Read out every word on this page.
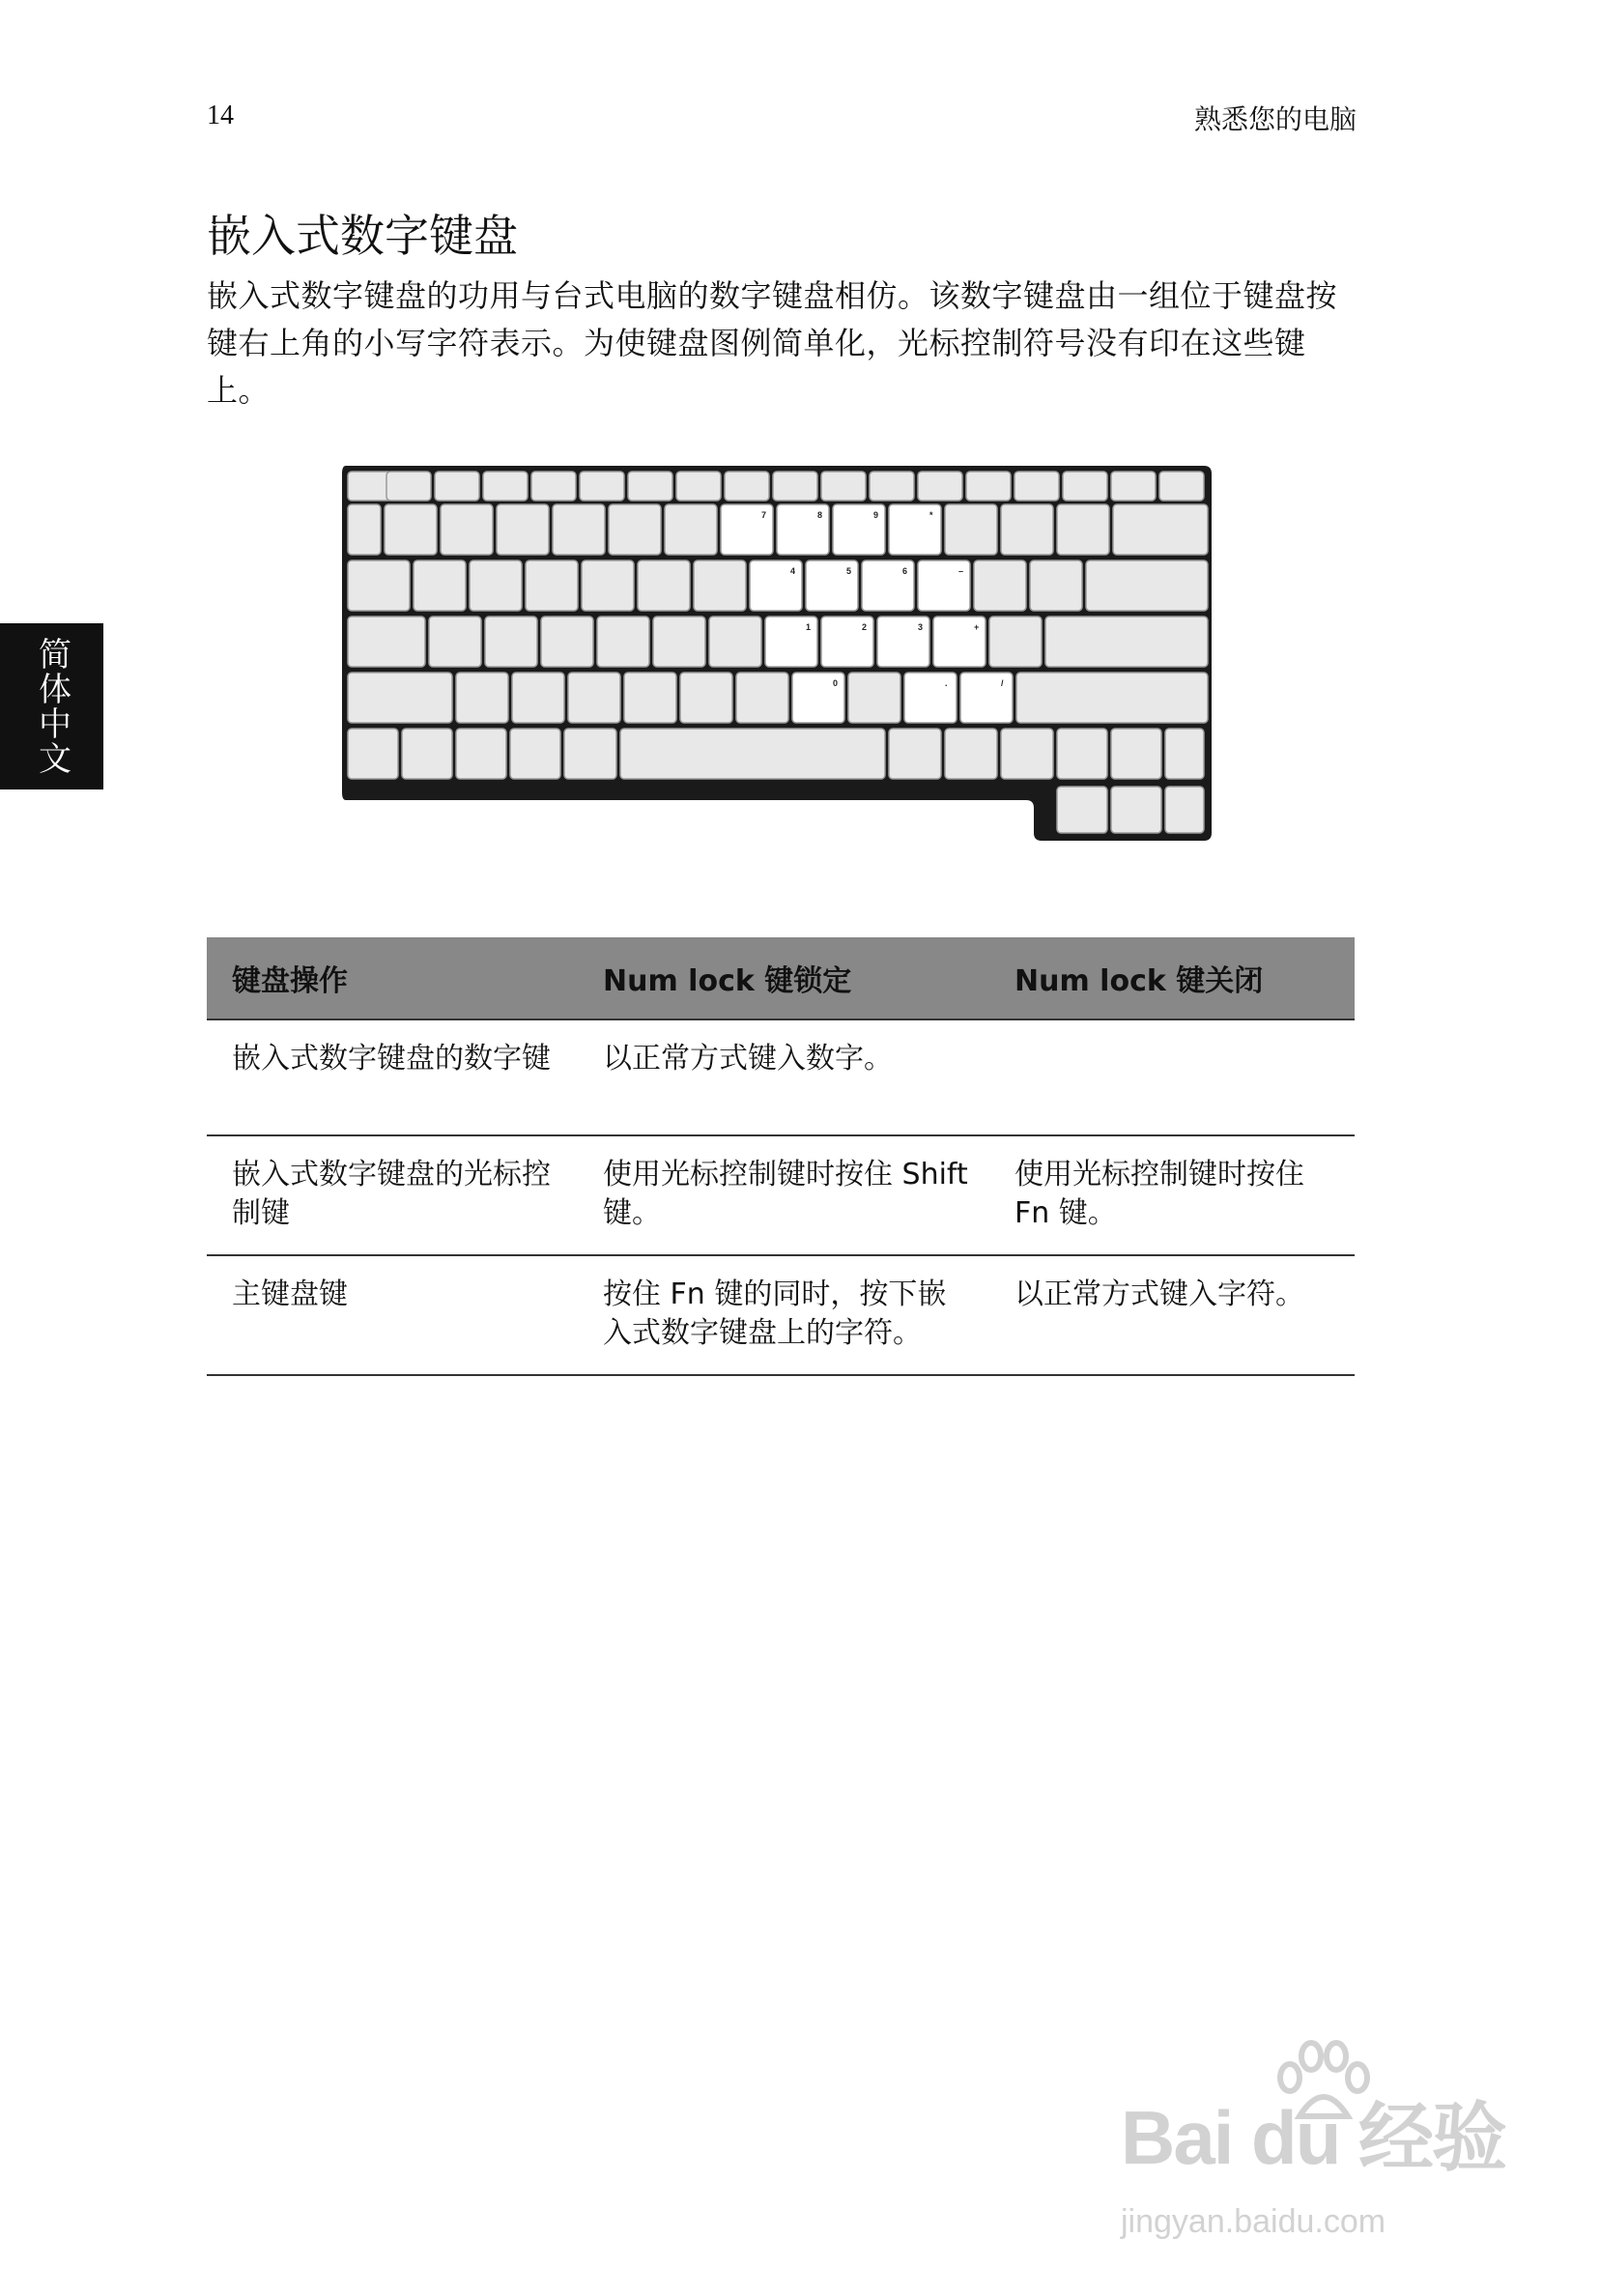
14	熟悉您的电脑
简体中文
嵌入式数字键盘

嵌入式数字键盘的功用与台式电脑的数字键盘相仿。该数字键盘由一组位于键盘按键右上角的小写字符表示。为使键盘图例简单化，光标控制符号没有印在这些键上。

7	8	9	*
4	5	6	–
1	2	3	+
0	.	/
键盘操作	Num lock 键锁定	Num lock 键关闭
嵌入式数字键盘的数字键	以正常方式键入数字。	
嵌入式数字键盘的光标控制键	使用光标控制键时按住 Shift 键。	使用光标控制键时按住 Fn 键。
主键盘键	按住 Fn 键的同时，按下嵌入式数字键盘上的字符。	以正常方式键入字符。
Bai du 经验
jingyan.baidu.com
